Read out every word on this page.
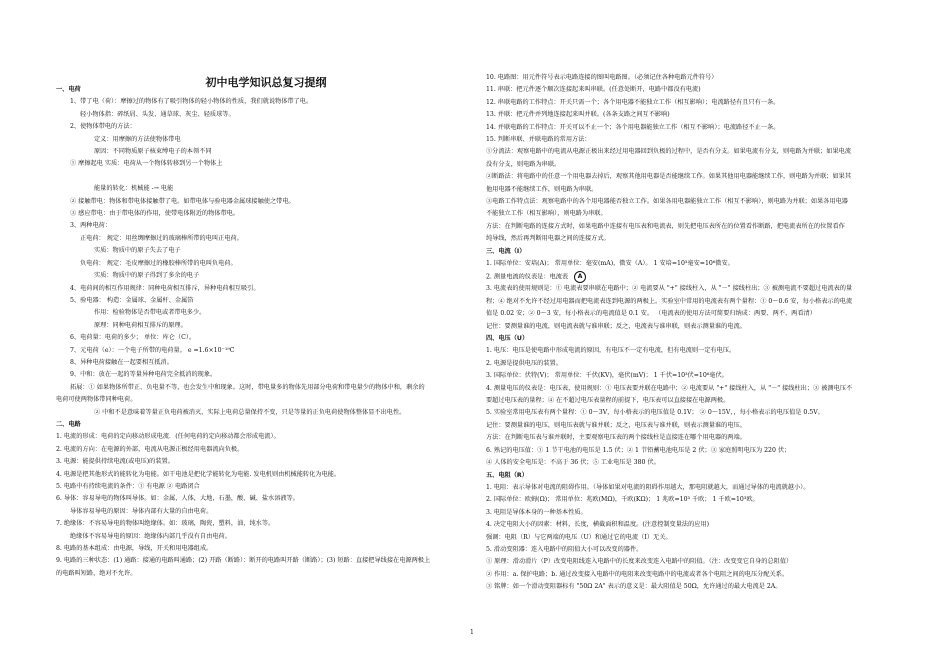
初中电学知识总复习提纲
一、电荷
1、带了电（荷）：摩擦过的物体有了吸引物体的轻小物体的性质，我们就说物体带了电。
轻小物体指：碎纸屑、头发、通草球、灰尘、轻质球等。
2、使物体带电的方法：
定义：用摩擦的方法使物体带电
原因：不同物质原子核束缚电子的本领不同
① 摩擦起电 实质：电荷从一个物体转移到另一个物体上

能量的转化：机械能 -→ 电能
② 接触带电：物体和带电体接触带了电。如带电体与验电器金属球接触使之带电。
③ 感应带电：由于带电体的作用，使带电体附近的物体带电。
3、两种电荷：
正电荷： 规定：用丝绸摩擦过的玻璃棒所带的电叫正电荷。
实质：物质中的原子失去了电子
负电荷： 规定：毛皮摩擦过的橡胶棒所带的电叫负电荷。
实质：物质中的原子得到了多余的电子
4、电荷间的相互作用规律：同种电荷相互排斥，异种电荷相互吸引。
5、验电器： 构造：金属球、金属杆、金属箔
作用：检验物体是否带电或者带电多少。
原理：同种电荷相互排斥的原理。
6、电荷量：电荷的多少； 单位：库仑（C）。
7、元电荷（e）：一个电子所带的电荷量。 e =1.6×10⁻¹⁹C
8、异种电荷接触在一起要相互抵消。
9、中和：放在一起的等量异种电荷完全抵消的现象。
拓展：① 如果物体所带正、负电量不等，也会发生中和现象。这时，带电量多的物体先用部分电荷和带电量少的物体中和，剩余的
电荷可使两物体带同种电荷。
② 中和不是意味着等量正负电荷被消灭，实际上电荷总量保持不变，只是等量的正负电荷使物体整体显不出电性。
二、电路
1. 电流的形成：电荷的定向移动形成电流．(任何电荷的定向移动都会形成电流）。
2. 电流的方向：在电源的外部，电流从电源正极经用电器流向负极。
3. 电源：能提供持续电流(或电压)的装置。
4. 电源是把其他形式的能转化为电能。如干电池是把化学能转化为电能. 发电机则由机械能转化为电能。
5. 电路中有持续电流的条件：① 有电源 ② 电路闭合
6. 导体：容易导电的物体叫导体。如：金属，人体，大地，石墨，酸、碱、盐水溶液等。
导体容易导电的原因：导体内部有大量的自由电荷。
7. 绝缘体：不容易导电的物体叫绝缘体。如：玻璃，陶瓷，塑料，油，纯水等。
绝缘体不容易导电的原因：绝缘体内部几乎没有自由电荷。
8. 电路的基本组成：由电源，导线，开关和用电器组成。
9. 电路的三种状态：(1) 通路：接通的电路叫通路；(2) 开路（断路）：断开的电路叫开路（断路）；(3) 短路：直接把导线接在电源两极上
的电路叫短路，绝对不允许。
10. 电路图：用元件符号表示电路连接的图叫电路图。（必须记住各种电路元件符号）
11. 串联：把元件逐个顺次连接起来叫串联。(任意处断开，电路中都没有电流)
12. 串联电路的工作特点：开关只需一个；各个用电器不能独立工作（相互影响）；电流路径有且只有一条。
13. 并联：把元件并列地连接起来叫并联。(各条支路之间互不影响)
14. 并联电路的工作特点：开关可以不止一个；各个用电器能独立工作（相互不影响）；电流路径不止一条。
15. 判断串联、并联电路的常用方法：
①分流法：观察电路中的电流从电源正极出来经过用电器回到负极的过程中，是否有分支。如果电流有分支，则电路为并联；如果电流
没有分支，则电路为串联。
②断路法：将电路中的任意一个用电器去掉后，观察其他用电器是否能继续工作。如果其他用电器能继续工作，则电路为并联；如果其
他用电器不能继续工作，则电路为串联。
③电路工作特点法：观察电路中的各个用电器能否独立工作。如果各用电器能独立工作（相互不影响），则电路为并联；如果各用电器
不能独立工作（相互影响），则电路为串联。
方法：在判断电路的连接方式时，如果电路中连接有电压表和电流表，则先把电压表所在的位置看作断路，把电流表所在的位置看作
纯导线，然后再判断用电器之间的连接方式。
三、电流（I）
1. 国际单位：安培(A)； 常用单位：毫安(mA)，微安（A）。 1 安培=10³毫安=10⁶微安。
2. 测量电流的仪表是：电流表 A
3. 电流表的使用规则是：① 电流表要串联在电路中；② 电流要从 "+" 接线柱入，从 "－" 接线柱出；③ 被测电流不要超过电流表的量
程；④ 绝对不允许不经过用电器而把电流表连到电源的两极上。实验室中常用的电流表有两个量程：① 0～0.6 安，每小格表示的电流
值是 0.02 安；② 0～3 安，每小格表示的电流值是 0.1 安。 （电流表的使用方法可简要归纳成：两要、两不、两看清）
记住：要测量谁的电流，则电流表就与谁串联；反之，电流表与谁串联，则表示测量谁的电流。
四、电压（U）
1. 电压：电压是使电路中形成电流的原因，有电压不一定有电流，但有电流则一定有电压。
2. 电源是提供电压的装置。
3. 国际单位：伏特(V)； 常用单位：千伏(KV)，毫伏(mV)； 1 千伏=10³伏=10⁶毫伏。
4. 测量电压的仪表是：电压表，使用规则：① 电压表要并联在电路中；② 电流要从 "+" 接线柱入，从 "－" 接线柱出；③ 被测电压不
要超过电压表的量程；④ 在不超过电压表量程的前提下，电压表可以直接接在电源两极。
5. 实验室常用电压表有两个量程：① 0～3V，每小格表示的电压值是 0.1V； ② 0～15V，，每小格表示的电压值是 0.5V。
记住：要测量谁的电压，则电压表就与谁并联；反之，电压表与谁并联，则表示测量谁的电压。
方法：在判断电压表与谁并联时，主要观察电压表的两个接线柱是直接连在哪个用电器的两端。
6. 熟记的电压值：① 1 节干电池的电压是 1.5 伏；② 1 节铅蓄电池电压是 2 伏；③ 家庭照明电压为 220 伏；
④ 人体的安全电压是：不高于 36 伏；⑤ 工业电压是 380 伏。
五、电阻（R）
1. 电阻：表示导体对电流的阻碍作用。（导体如果对电流的阻碍作用越大，那电阻就越大，而通过导体的电流就越小）。
2. 国际单位：欧姆(Ω)； 常用单位：兆欧(MΩ)，千欧(KΩ)； 1 兆欧=10³ 千欧； 1 千欧=10³欧。
3. 电阻是导体本身的一种基本性质。
4. 决定电阻大小的因素：材料，长度，横截面积和温度。(注意控制变量法的应用)
强调：电阻（R）与它两端的电压（U）和通过它的电流（I）无关。
5. 滑动变阻器：连入电路中的阻值大小可以改变的器件。
① 原理：滑动滑片（P）改变电阻线连入电路中的长度来改变连入电路中的阻值。（注：改变变它自身的总阻值）
② 作用：a. 保护电路；b. 通过改变接入电路中的电阻来改变电路中的电流或者各个电阻之间的电压分配关系。
③ 铭牌：如一个滑动变阻器标有 "50Ω 2A" 表示的意义是：最大阻值是 50Ω，允许通过的最大电流是 2A。
1
